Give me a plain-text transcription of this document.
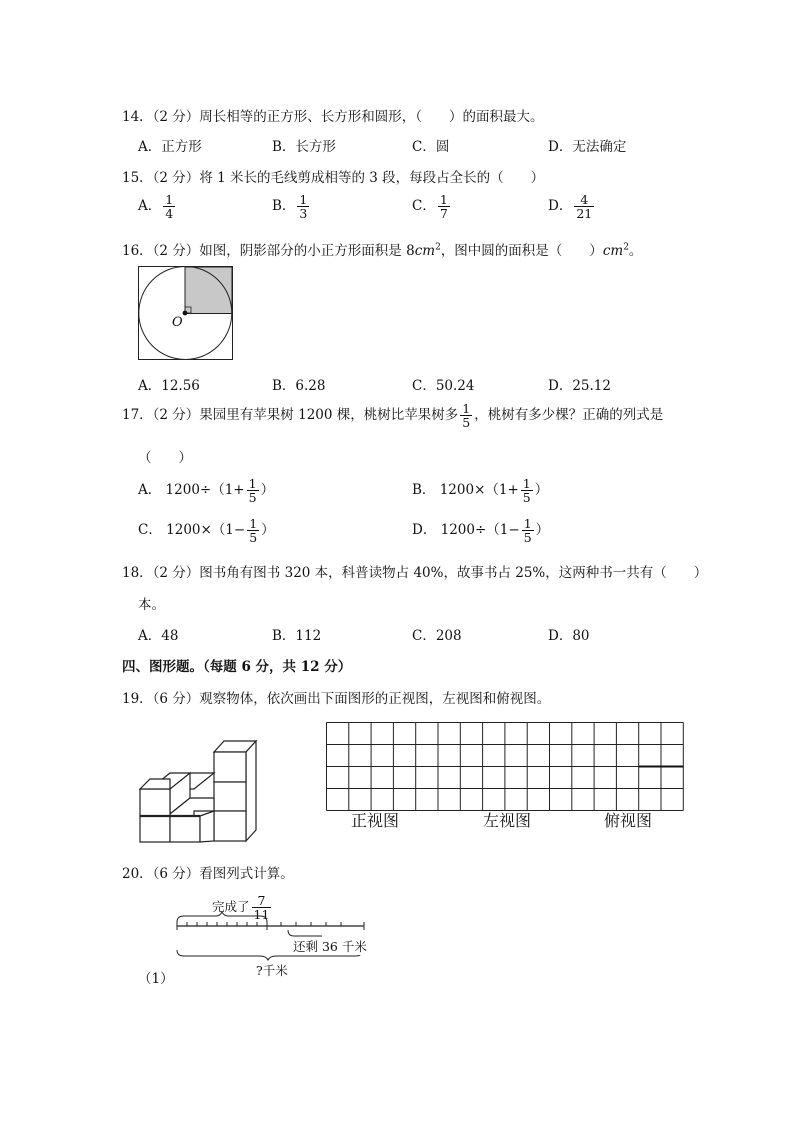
14．（2 分）周长相等的正方形、长方形和圆形，（　　）的面积最大。
A．正方形	B．长方形	C．圆	D．无法确定
15．（2 分）将 1 米长的毛线剪成相等的 3 段，每段占全长的（　　）
A． $\frac{1}{4}$	B． $\frac{1}{3}$	C． $\frac{1}{7}$	D． $\frac{4}{21}$
16．（2 分）如图，阴影部分的小正方形面积是 $8cm^2$，图中圆的面积是（　　）$cm^2$。
O
A．12.56	B．6.28	C．50.24	D．25.12
17．（2 分）果园里有苹果树 1200 棵，桃树比苹果树多 $\frac{1}{5}$ ，桃树有多少棵？正确的列式是
（　　）
A． $1200\div(1+ \frac{1}{5}$ ）	B． $1200\times(1+ \frac{1}{5}$ ）
C． $1200\times(1- \frac{1}{5}$ ）	D． $1200\div(1- \frac{1}{5}$ ）
18．（2 分）图书角有图书 320 本，科普读物占 40%，故事书占 25%，这两种书一共有（　　）
本。
A．48	B．112	C．208	D．80
四、图形题。（每题 6 分，共 12 分）
19．（6 分）观察物体，依次画出下面图形的正视图，左视图和俯视图。
正视图	左视图	俯视图
20．（6 分）看图列式计算。
完成了 $\frac{7}{11}$
还剩 36 千米
?千米
（1）
